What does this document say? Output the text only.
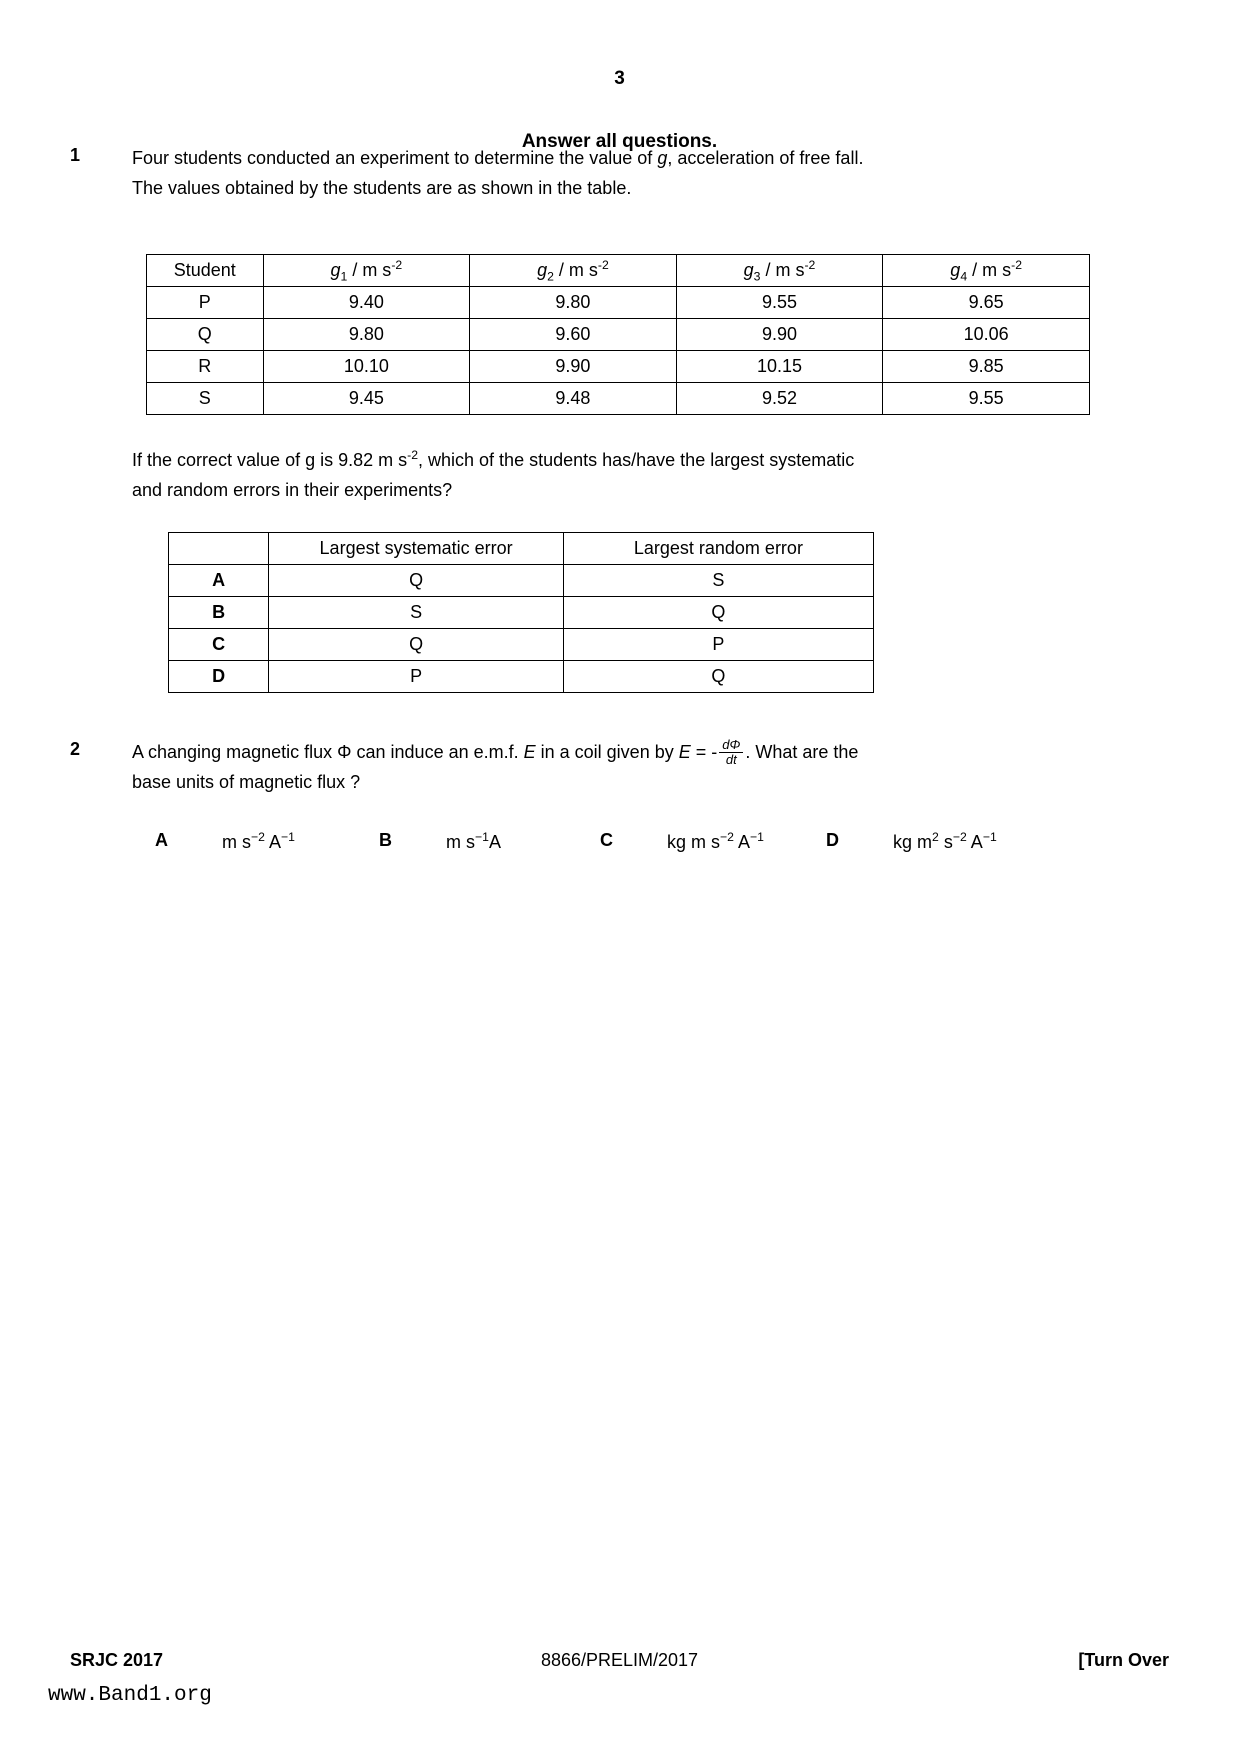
3
Answer all questions.
1	Four students conducted an experiment to determine the value of g, acceleration of free fall.
The values obtained by the students are as shown in the table.
Student	$g_1$ / m $s^{-2}$	$g_2$ / m $s^{-2}$	$g_3$ / m $s^{-2}$	$g_4$ / m $s^{-2}$
P	9.40	9.80	9.55	9.65
Q	9.80	9.60	9.90	10.06
R	10.10	9.90	10.15	9.85
S	9.45	9.48	9.52	9.55
If the correct value of g is 9.82 m $s^{-2}$, which of the students has/have the largest systematic
and random errors in their experiments?
	Largest systematic error	Largest random error
A	Q	S
B	S	Q
C	Q	P
D	P	Q
2	A changing magnetic flux Φ can induce an e.m.f. E in a coil given by E = - $\frac{d\Phi}{dt}$ . What are the
base units of magnetic flux ?
A	m $s^{-2}$ $A^{-1}$	B	m $s^{-1}A$	C	kg m $s^{-2}$ $A^{-1}$	D	kg $m^2$ $s^{-2}$ $A^{-1}$
SRJC 2017	8866/PRELIM/2017	[Turn Over
www.Band1.org
